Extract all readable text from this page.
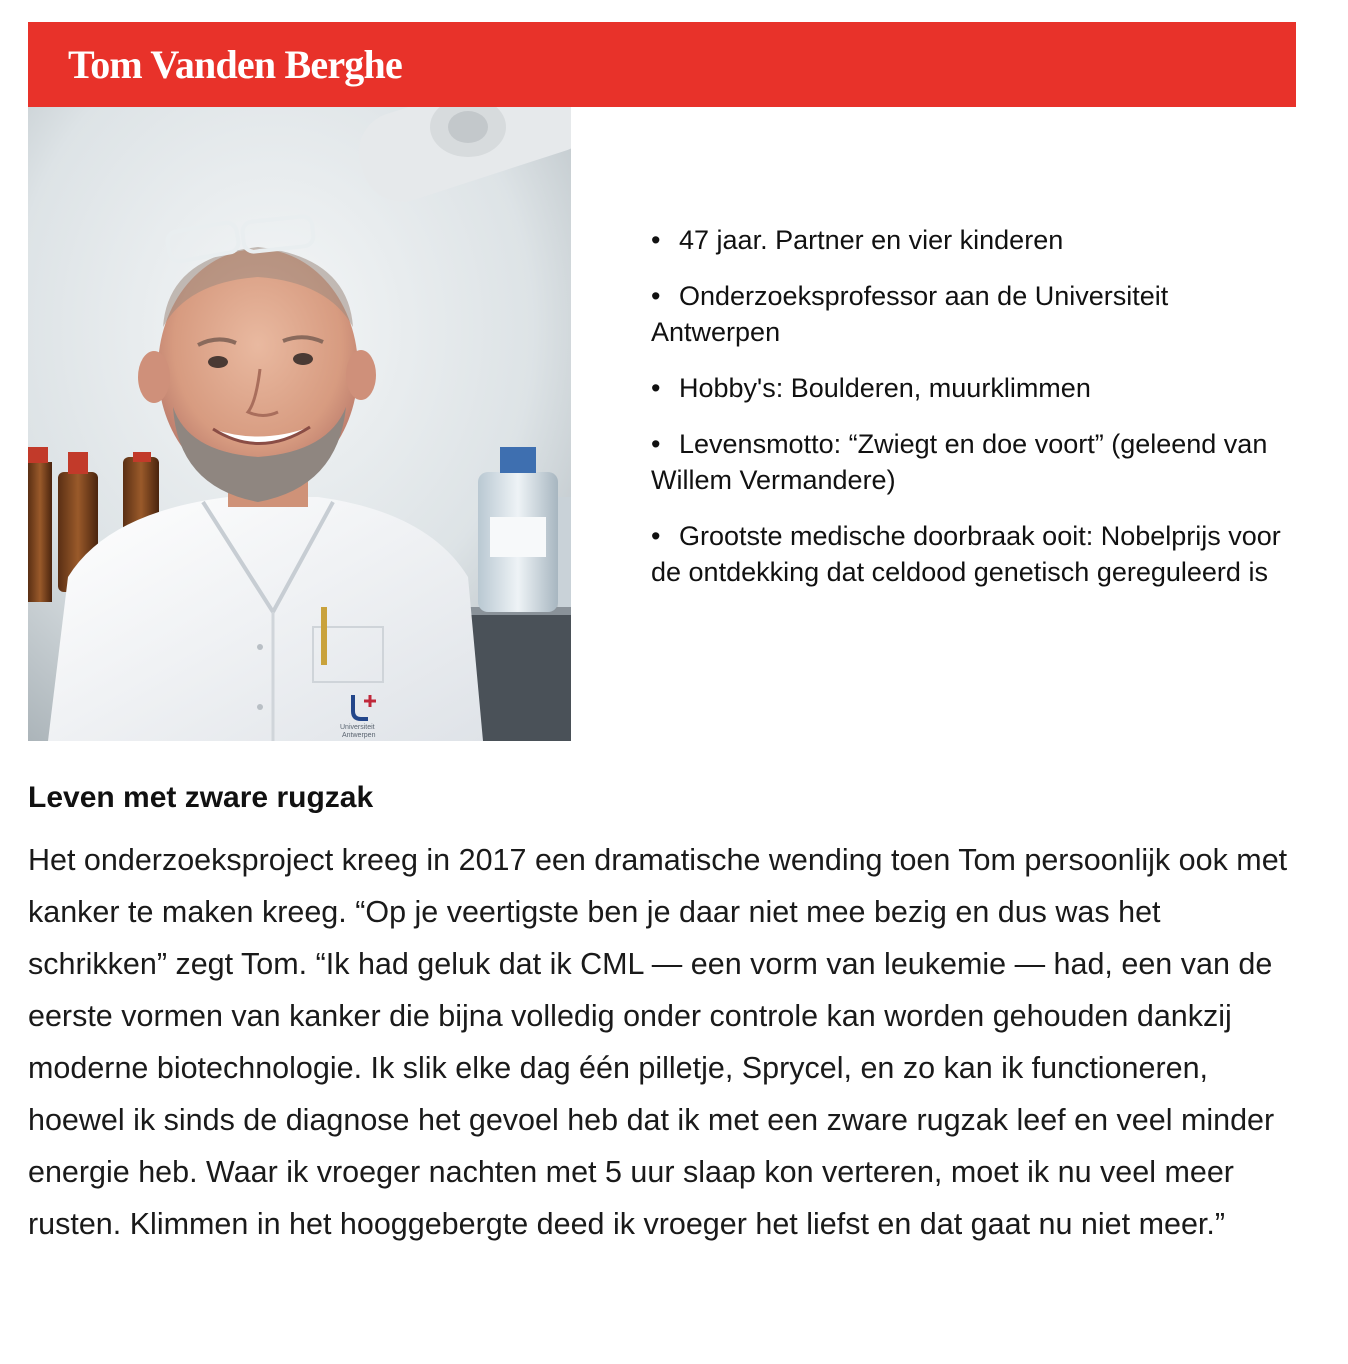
Tom Vanden Berghe
Universiteit
Antwerpen
• 47 jaar. Partner en vier kinderen
• Onderzoeksprofessor aan de Universiteit Antwerpen
• Hobby's: Boulderen, muurklimmen
• Levensmotto: “Zwiegt en doe voort” (geleend van Willem Vermandere)
• Grootste medische doorbraak ooit: Nobelprijs voor de ontdekking dat celdood genetisch gereguleerd is
Leven met zware rugzak

Het onderzoeksproject kreeg in 2017 een dramatische wending toen Tom persoonlijk ook met kanker te maken kreeg. “Op je veertigste ben je daar niet mee bezig en dus was het schrikken” zegt Tom. “Ik had geluk dat ik CML — een vorm van leukemie — had, een van de eerste vormen van kanker die bijna volledig onder controle kan worden gehouden dankzij moderne biotechnologie. Ik slik elke dag één pilletje, Sprycel, en zo kan ik functioneren, hoewel ik sinds de diagnose het gevoel heb dat ik met een zware rugzak leef en veel minder energie heb. Waar ik vroeger nachten met 5 uur slaap kon verteren, moet ik nu veel meer rusten. Klimmen in het hooggebergte deed ik vroeger het liefst en dat gaat nu niet meer.”
